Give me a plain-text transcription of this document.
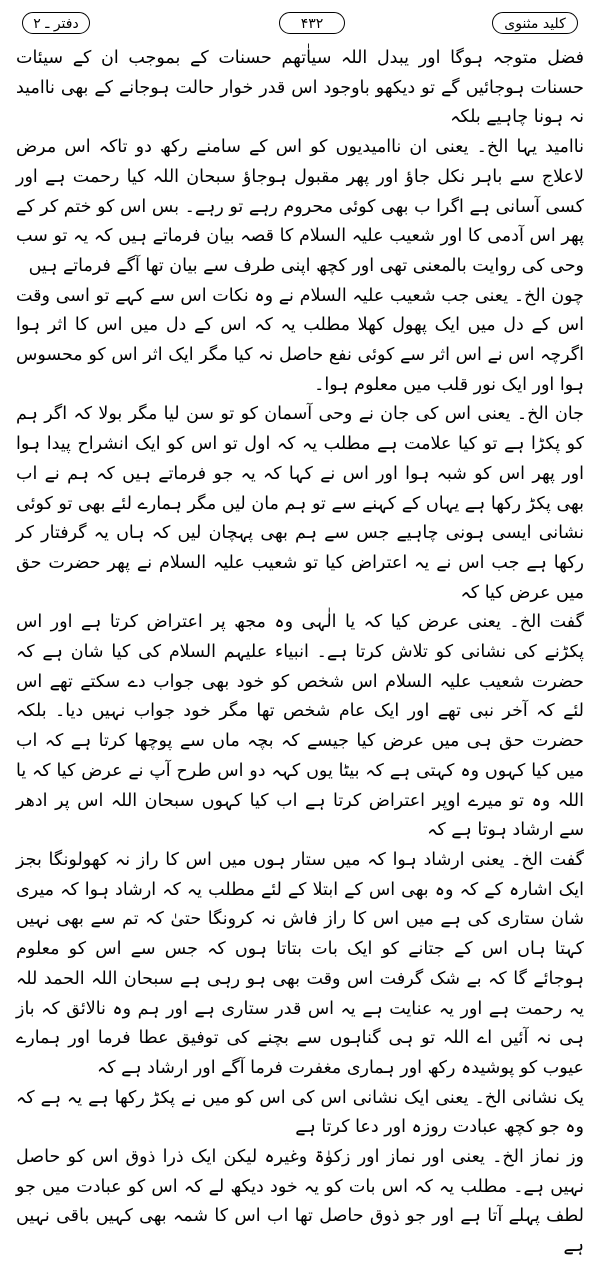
دفتر ـ ۲	۴۳۲	کلید مثنوی

فضل متوجہ ہوگا اور یبدل اللہ سیاٰتھم حسنات کے بموجب ان کے سیئات حسنات ہوجائیں گے تو دیکھو باوجود اس قدر خوار حالت ہوجانے کے بھی ناامید نہ ہونا چاہیے بلکہ

ناامید یہا الخ۔ یعنی ان ناامیدیوں کو اس کے سامنے رکھ دو تاکہ اس مرض لاعلاج سے باہر نکل جاؤ اور پھر مقبول ہوجاؤ سبحان اللہ کیا رحمت ہے اور کسی آسانی ہے اگرا ب بھی کوئی محروم رہے تو رہے۔ بس اس کو ختم کر کے پھر اس آدمی کا اور شعیب علیہ السلام کا قصہ بیان فرماتے ہیں کہ یہ تو سب وحی کی روایت بالمعنی تھی اور کچھ اپنی طرف سے بیان تھا آگے فرماتے ہیں

چون الخ۔ یعنی جب شعیب علیہ السلام نے وہ نکات اس سے کہے تو اسی وقت اس کے دل میں ایک پھول کھلا مطلب یہ کہ اس کے دل میں اس کا اثر ہوا اگرچہ اس نے اس اثر سے کوئی نفع حاصل نہ کیا مگر ایک اثر اس کو محسوس ہوا اور ایک نور قلب میں معلوم ہوا۔

جان الخ۔ یعنی اس کی جان نے وحی آسمان کو تو سن لیا مگر بولا کہ اگر ہم کو پکڑا ہے تو کیا علامت ہے مطلب یہ کہ اول تو اس کو ایک انشراح پیدا ہوا اور پھر اس کو شبہ ہوا اور اس نے کہا کہ یہ جو فرماتے ہیں کہ ہم نے اب بھی پکڑ رکھا ہے یہاں کے کہنے سے تو ہم مان لیں مگر ہمارے لئے بھی تو کوئی نشانی ایسی ہونی چاہیے جس سے ہم بھی پہچان لیں کہ ہاں یہ گرفتار کر رکھا ہے جب اس نے یہ اعتراض کیا تو شعیب علیہ السلام نے پھر حضرت حق میں عرض کیا کہ

گفت الخ۔ یعنی عرض کیا کہ یا الٰہی وہ مجھ پر اعتراض کرتا ہے اور اس پکڑنے کی نشانی کو تلاش کرتا ہے۔ انبیاء علیہم السلام کی کیا شان ہے کہ حضرت شعیب علیہ السلام اس شخص کو خود بھی جواب دے سکتے تھے اس لئے کہ آخر نبی تھے اور ایک عام شخص تھا مگر خود جواب نہیں دیا۔ بلکہ حضرت حق ہی میں عرض کیا جیسے کہ بچہ ماں سے پوچھا کرتا ہے کہ اب میں کیا کہوں وہ کہتی ہے کہ بیٹا یوں کہہ دو اس طرح آپ نے عرض کیا کہ یا اللہ وہ تو میرے اوپر اعتراض کرتا ہے اب کیا کہوں سبحان اللہ اس پر ادھر سے ارشاد ہوتا ہے کہ

گفت الخ۔ یعنی ارشاد ہوا کہ میں ستار ہوں میں اس کا راز نہ کھولونگا بجز ایک اشارہ کے کہ وہ بھی اس کے ابتلا کے لئے مطلب یہ کہ ارشاد ہوا کہ میری شان ستاری کی ہے میں اس کا راز فاش نہ کرونگا حتیٰ کہ تم سے بھی نہیں کہتا ہاں اس کے جتانے کو ایک بات بتاتا ہوں کہ جس سے اس کو معلوم ہوجائے گا کہ بے شک گرفت اس وقت بھی ہو رہی ہے سبحان اللہ الحمد للہ یہ رحمت ہے اور یہ عنایت ہے یہ اس قدر ستاری ہے اور ہم وہ نالائق کہ باز ہی نہ آئیں اے اللہ تو ہی گناہوں سے بچنے کی توفیق عطا فرما اور ہمارے عیوب کو پوشیدہ رکھ اور ہماری مغفرت فرما آگے اور ارشاد ہے کہ

یک نشانی الخ۔ یعنی ایک نشانی اس کی اس کو میں نے پکڑ رکھا ہے یہ ہے کہ وہ جو کچھ عبادت روزہ اور دعا کرتا ہے

وز نماز الخ۔ یعنی اور نماز اور زکوٰۃ وغیرہ لیکن ایک ذرا ذوق اس کو حاصل نہیں ہے۔ مطلب یہ کہ اس بات کو یہ خود دیکھ لے کہ اس کو عبادت میں جو لطف پہلے آتا ہے اور جو ذوق حاصل تھا اب اس کا شمہ بھی کہیں باقی نہیں ہے
